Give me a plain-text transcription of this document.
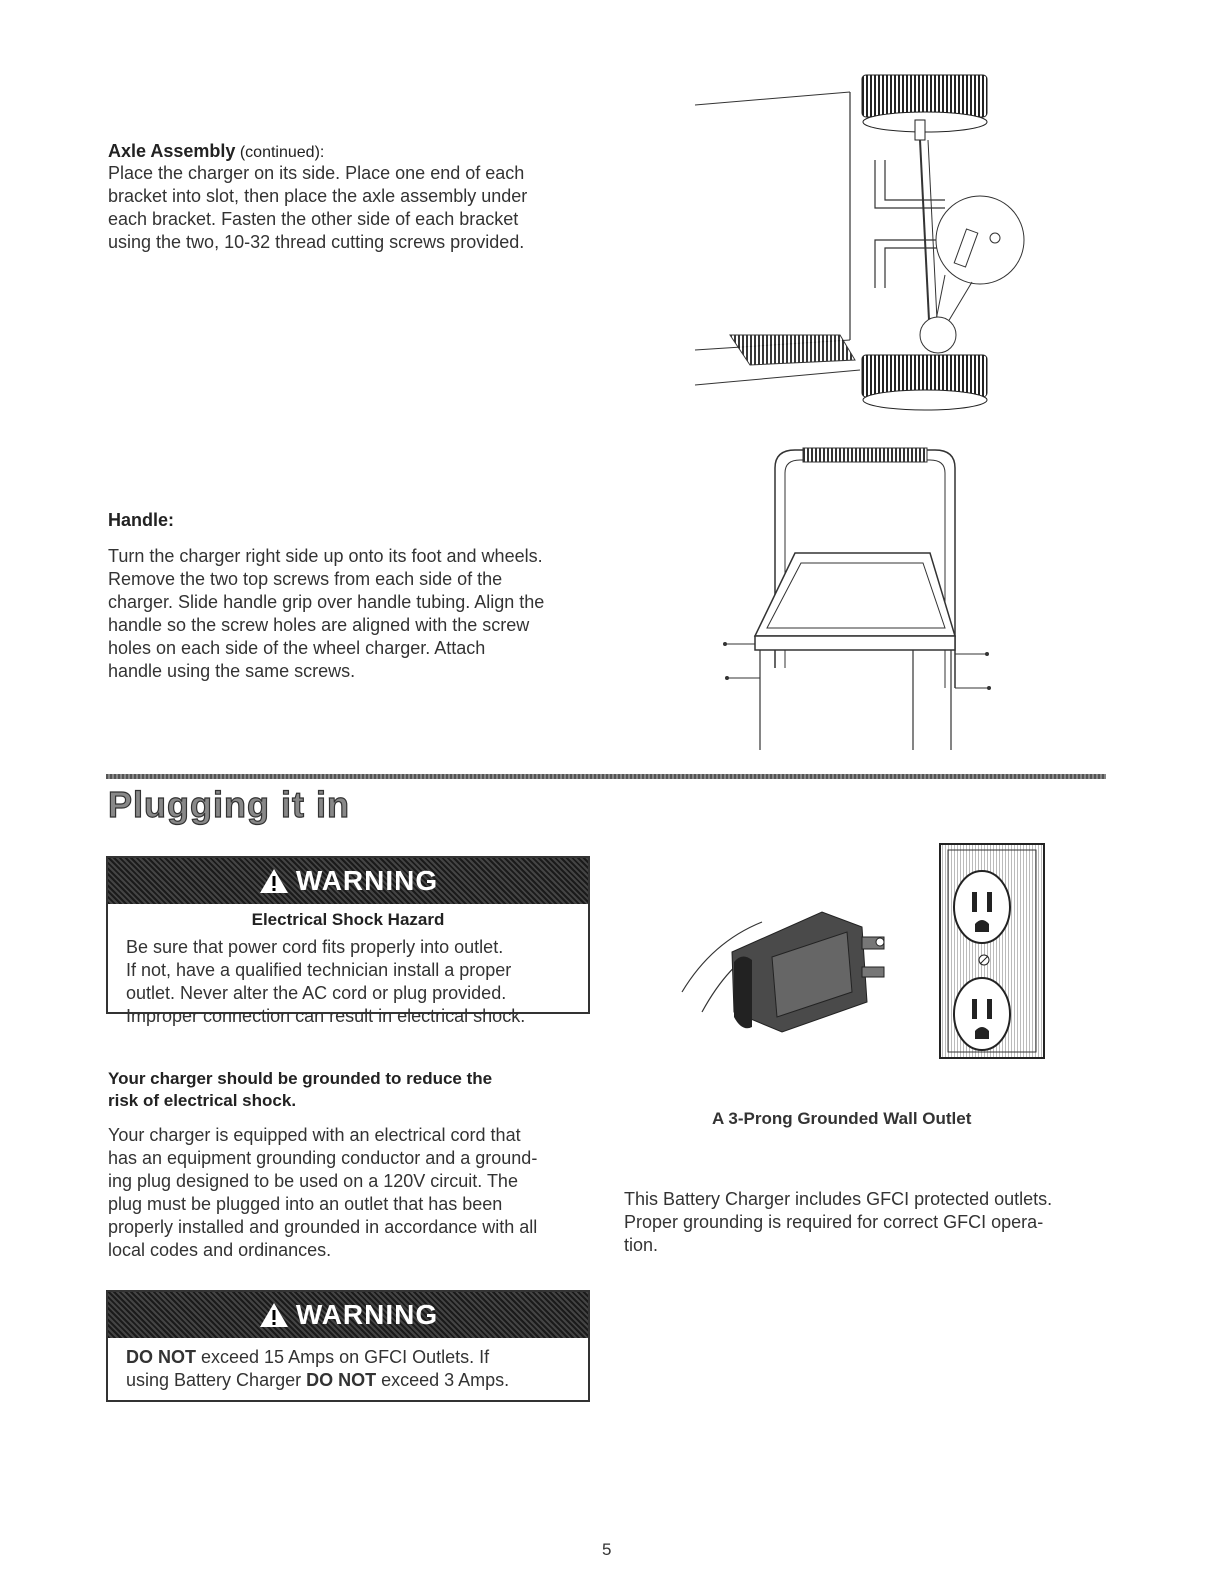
Axle Assembly (continued):
Place the charger on its side. Place one end of each
bracket into slot, then place the axle assembly under
each bracket. Fasten the other side of each bracket
using the two, 10-32 thread cutting screws provided.
Handle:
Turn the charger right side up onto its foot and wheels.
Remove the two top screws from each side of the
charger. Slide handle grip over handle tubing. Align the
handle so the screw holes are aligned with the screw
holes on each side of the wheel charger. Attach
handle using the same screws.
Plugging it in
WARNING
Electrical Shock Hazard
Be sure that power cord fits properly into outlet.
If not, have a qualified technician install a proper
outlet. Never alter the AC cord or plug provided.
Improper connection can result in electrical shock.
Your charger should be grounded to reduce the
risk of electrical shock.
Your charger is equipped with an electrical cord that
has an equipment grounding conductor and a ground-
ing plug designed to be used on a 120V circuit. The
plug must be plugged into an outlet that has been
properly installed and grounded in accordance with all
local codes and ordinances.
WARNING
DO NOT exceed 15 Amps on GFCI Outlets. If
using Battery Charger DO NOT exceed 3 Amps.
A 3-Prong Grounded Wall Outlet
This Battery Charger includes GFCI protected outlets.
Proper grounding is required for correct GFCI opera-
tion.
5
